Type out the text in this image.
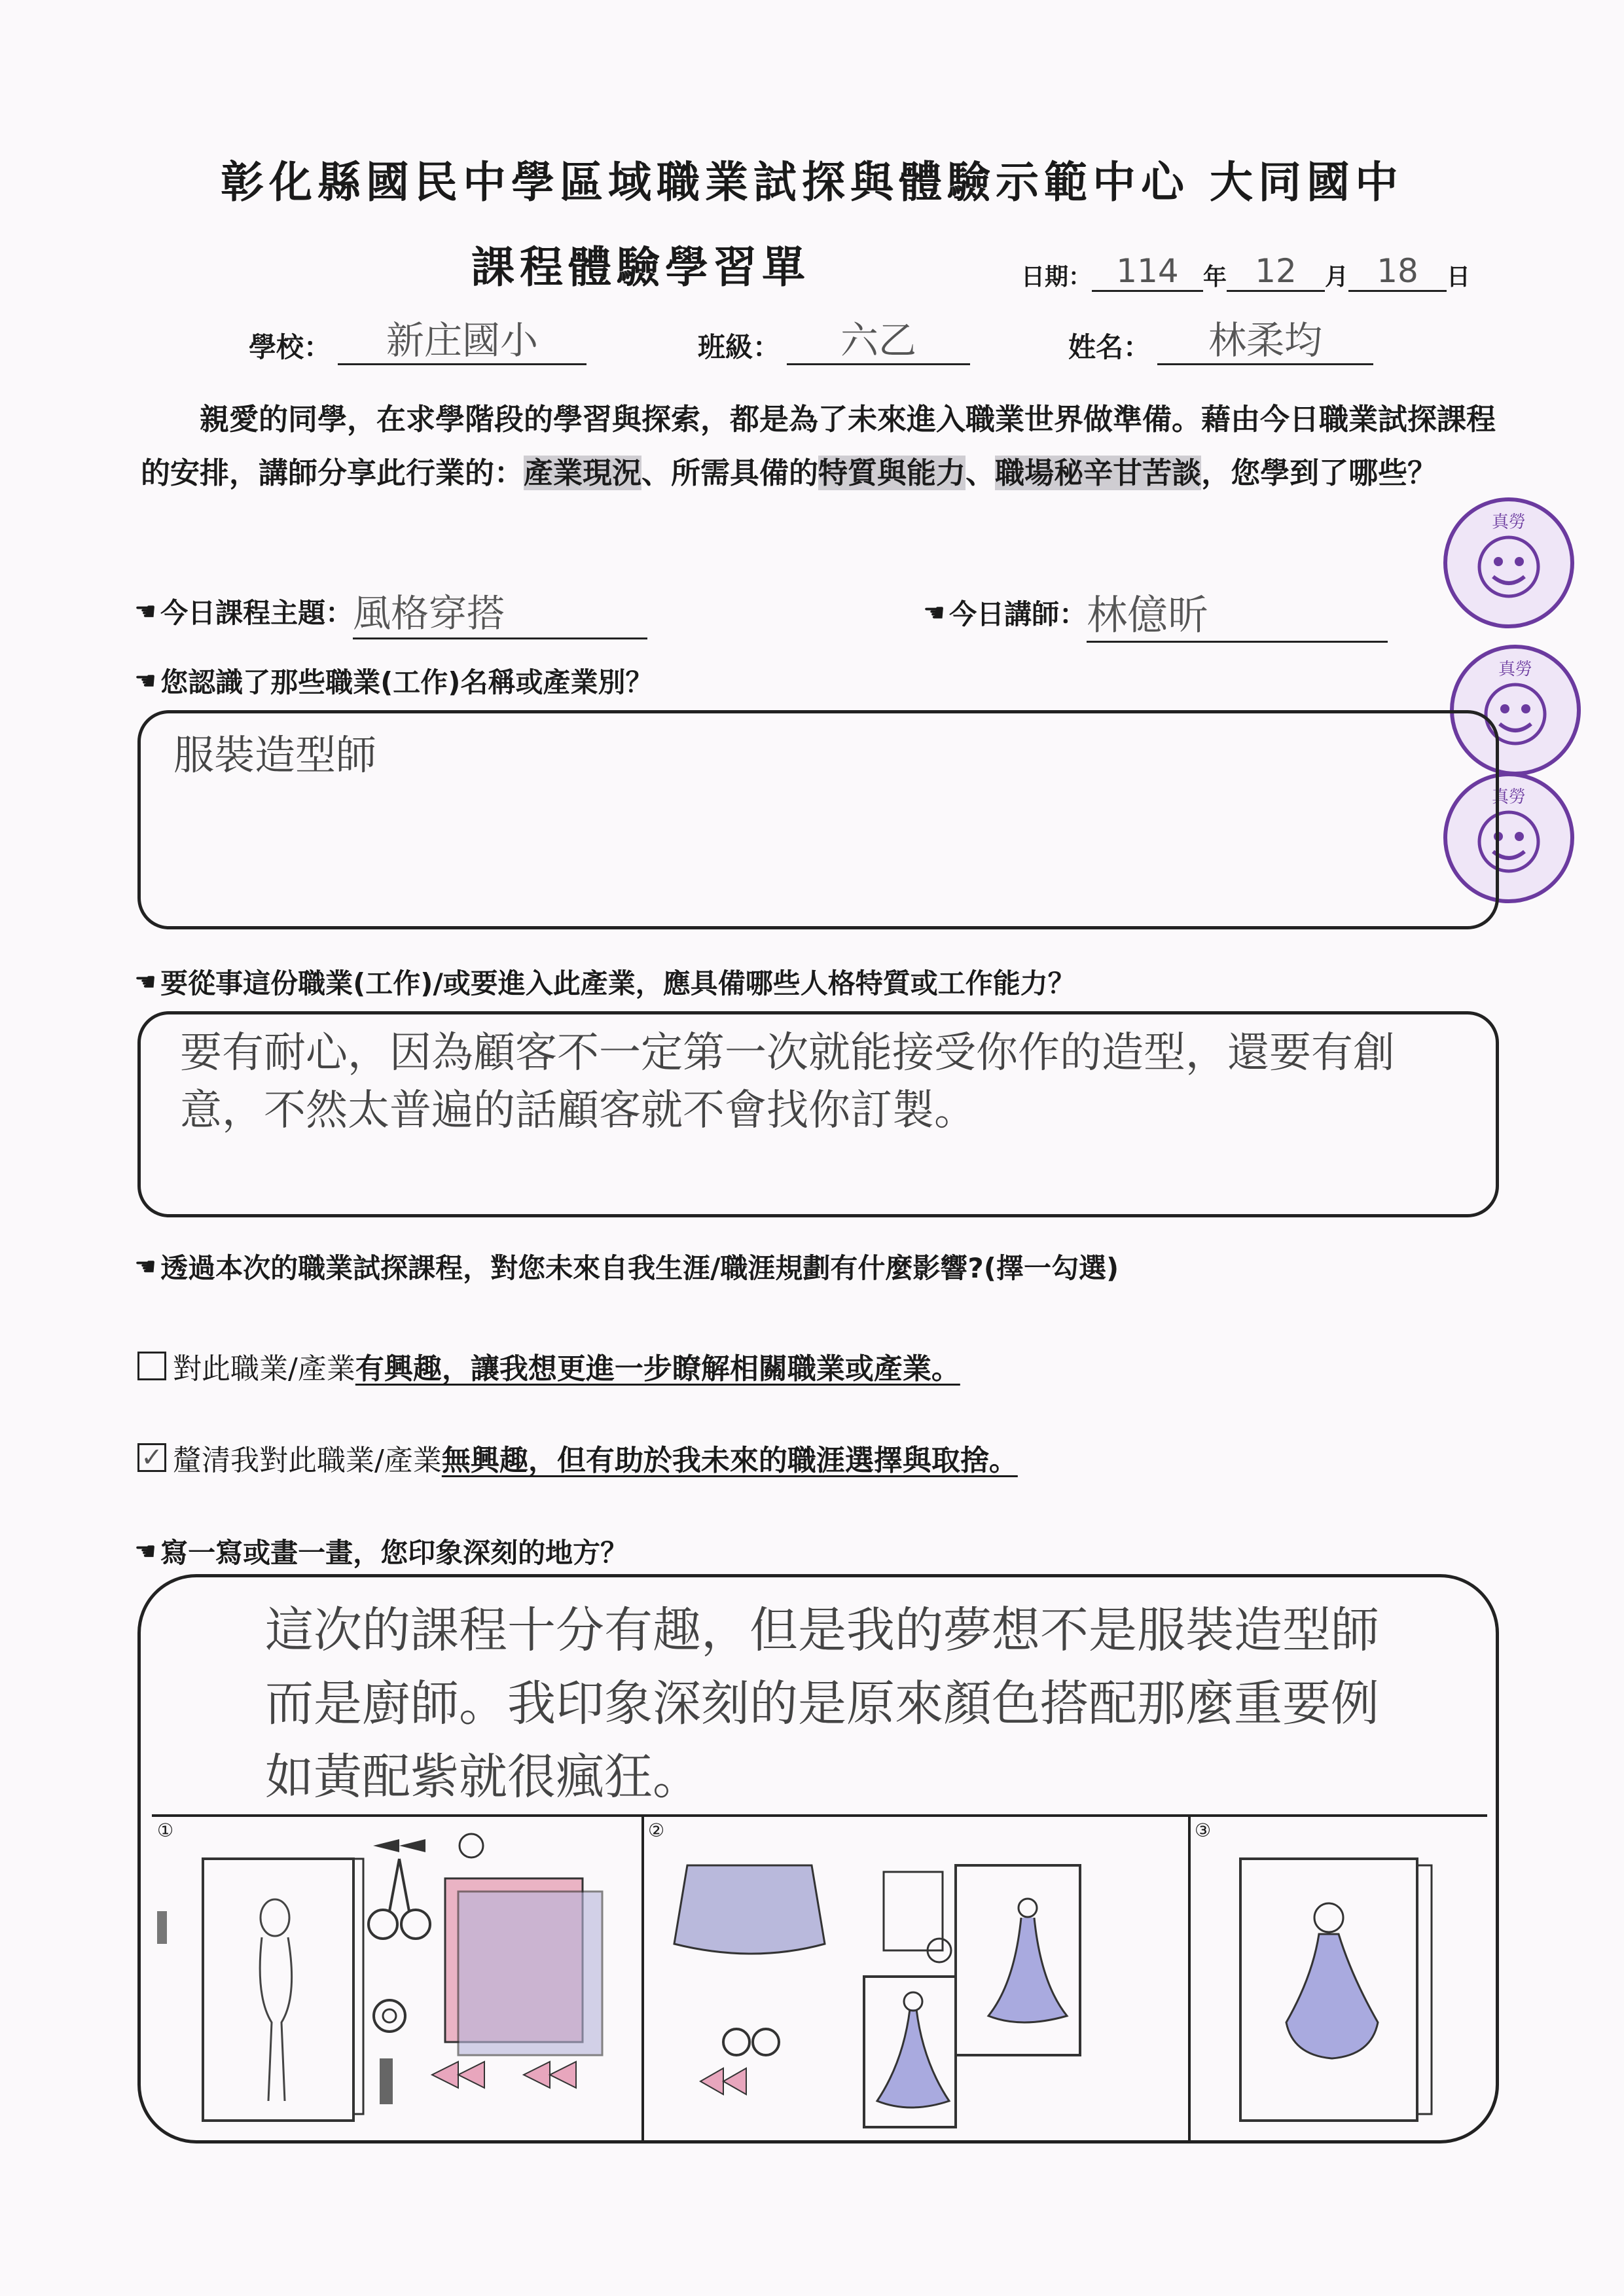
彰化縣國民中學區域職業試探與體驗示範中心 大同國中
課程體驗學習單	日期： 114	年 12	月 18	日
學校：	新庄國小	班級：	六乙	姓名：	林柔均
親愛的同學，在求學階段的學習與探索，都是為了未來進入職業世界做準備。藉由今日職業試探課程的安排，講師分享此行業的：產業現況、所需具備的特質與能力、職場秘辛甘苦談，您學到了哪些？
真勞
真勞
真勞
☚ 今日課程主題： 風格穿搭	☚ 今日講師： 林億昕
☚ 您認識了那些職業(工作)名稱或產業別？
服裝造型師
☚ 要從事這份職業(工作)/或要進入此產業，應具備哪些人格特質或工作能力？
要有耐心，因為顧客不一定第一次就能接受你作的造型，還要有創意，不然太普遍的話顧客就不會找你訂製。
☚ 透過本次的職業試探課程，對您未來自我生涯/職涯規劃有什麼影響?(擇一勾選)
對此職業/產業 有興趣，讓我想更進一步瞭解相關職業或產業。
✓ 釐清我對此職業/產業 無興趣，但有助於我未來的職涯選擇與取捨。
☚ 寫一寫或畫一畫，您印象深刻的地方？
這次的課程十分有趣，但是我的夢想不是服裝造型師而是廚師。我印象深刻的是原來顏色搭配那麼重要例如黃配紫就很瘋狂。
①	②	③
